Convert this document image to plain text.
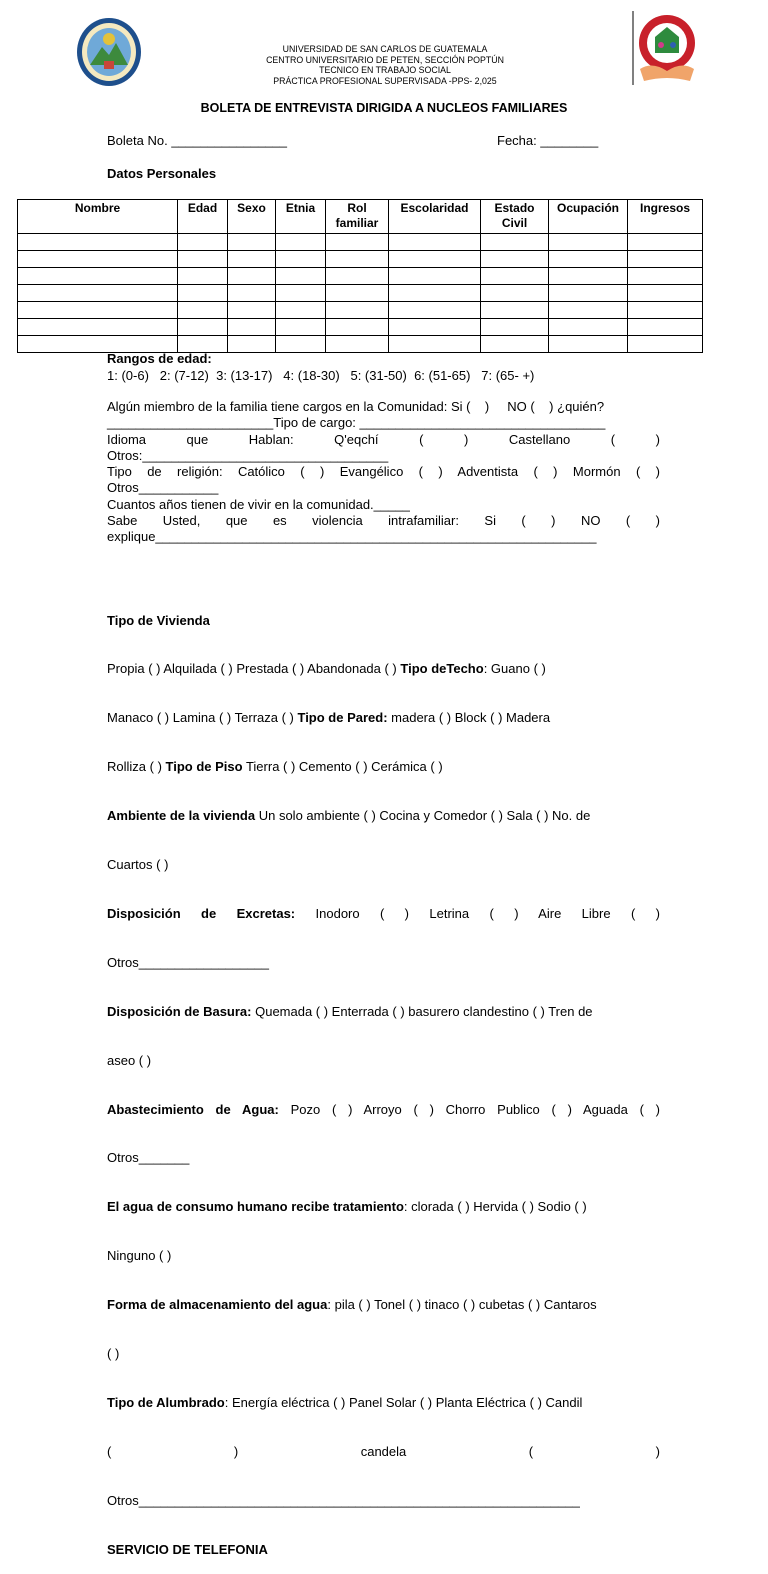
UNIVERSIDAD DE SAN CARLOS DE GUATEMALA
CENTRO UNIVERSITARIO DE PETEN, SECCIÓN POPTÚN
TECNICO EN TRABAJO SOCIAL
PRÁCTICA PROFESIONAL SUPERVISADA -PPS- 2,025
BOLETA DE ENTREVISTA DIRIGIDA A NUCLEOS FAMILIARES
Boleta No. ________________	Fecha: ________
Datos Personales
Nombre	Edad	Sexo	Etnia	Rol familiar	Escolaridad	Estado Civil	Ocupación	Ingresos

Rangos de edad:
1: (0-6)   2: (7-12)  3: (13-17)   4: (18-30)   5: (31-50)  6: (51-65)   7: (65- +)
Algún miembro de la familia tiene cargos en la Comunidad: Si (    )     NO (    ) ¿quién?
_______________________Tipo de cargo: __________________________________
Idioma que Hablan: Q'eqchí ( ) Castellano ( )
Otros:__________________________________
Tipo de religión: Católico ( ) Evangélico ( ) Adventista ( ) Mormón ( )
Otros___________
Cuantos años tienen de vivir en la comunidad._____
Sabe Usted, que es violencia intrafamiliar: Si ( ) NO ( )
explique_____________________________________________________________

Tipo de Vivienda

Propia ( ) Alquilada ( ) Prestada ( ) Abandonada ( ) Tipo deTecho: Guano ( )

Manaco ( ) Lamina ( ) Terraza ( ) Tipo de Pared: madera ( ) Block ( ) Madera

Rolliza ( ) Tipo de Piso Tierra ( ) Cemento ( ) Cerámica ( )

Ambiente de la vivienda Un solo ambiente ( ) Cocina y Comedor ( ) Sala ( ) No. de

Cuartos ( )

Disposición de Excretas: Inodoro ( ) Letrina ( ) Aire Libre ( )

Otros__________________

Disposición de Basura: Quemada ( ) Enterrada ( ) basurero clandestino ( ) Tren de

aseo ( )

Abastecimiento de Agua: Pozo ( ) Arroyo ( ) Chorro Publico ( ) Aguada ( )

Otros_______

El agua de consumo humano recibe tratamiento: clorada ( ) Hervida ( ) Sodio ( )

Ninguno ( )

Forma de almacenamiento del agua: pila ( ) Tonel ( ) tinaco ( ) cubetas ( ) Cantaros

( )

Tipo de Alumbrado: Energía eléctrica ( ) Panel Solar ( ) Planta Eléctrica ( ) Candil

( ) candela ( )

Otros_____________________________________________________________

SERVICIO DE TELEFONIA
